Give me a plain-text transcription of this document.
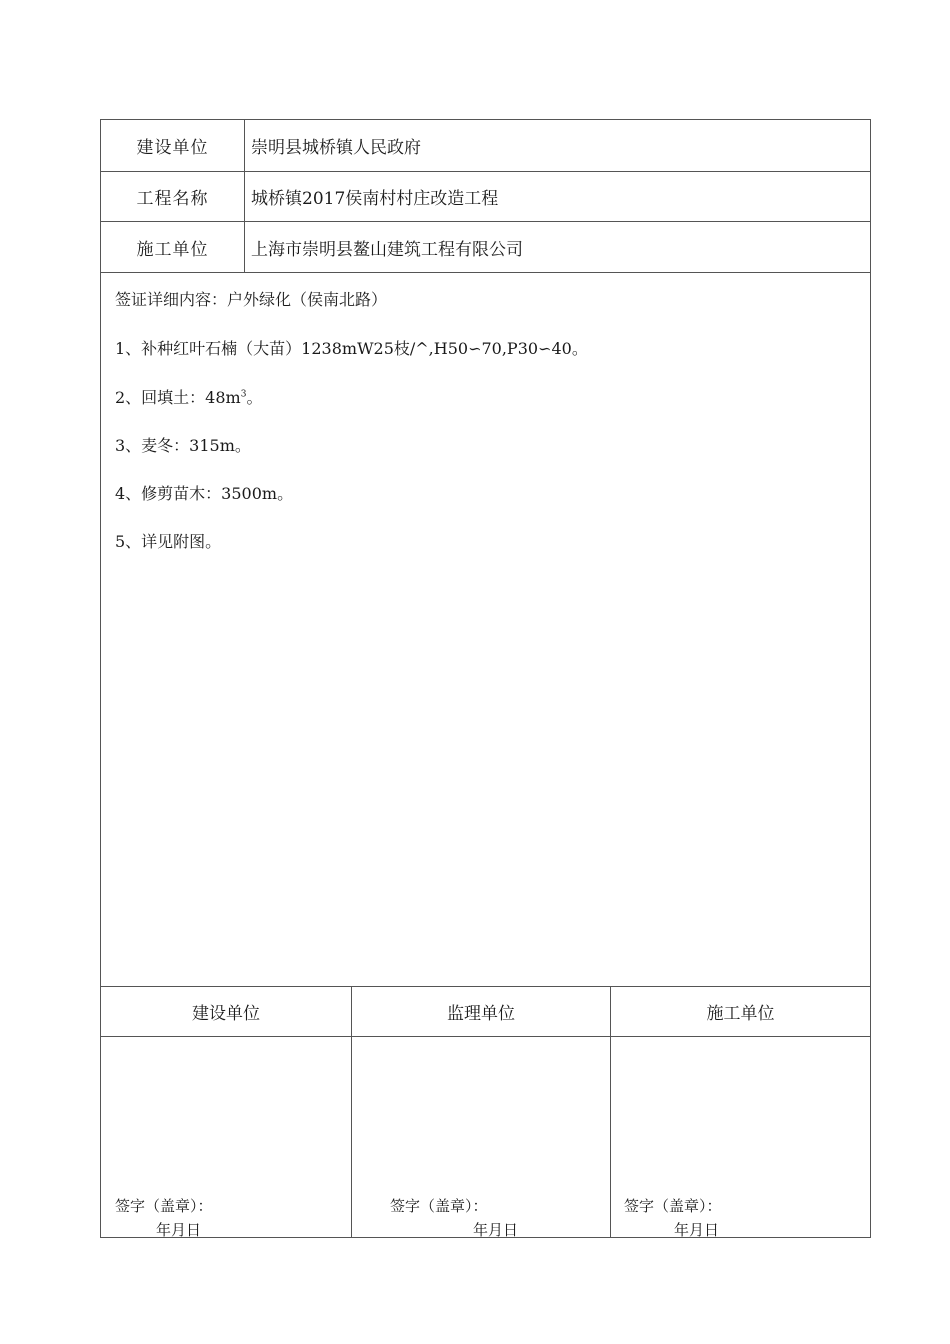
建设单位	崇明县城桥镇人民政府
工程名称	城桥镇2017侯南村村庄改造工程
施工单位	上海市崇明县鳌山建筑工程有限公司
签证详细内容：户外绿化（侯南北路）
1、补种红叶石楠（大苗）1238mW25枝/^,H50∽70,P30∽40。
2、回填土：$48m^3$。
3、麦冬：315m。
4、修剪苗木：3500m。
5、详见附图。
建设单位	监理单位	施工单位
签字（盖章）：
年月日
签字（盖章）：
年月日
签字（盖章）：
年月日
